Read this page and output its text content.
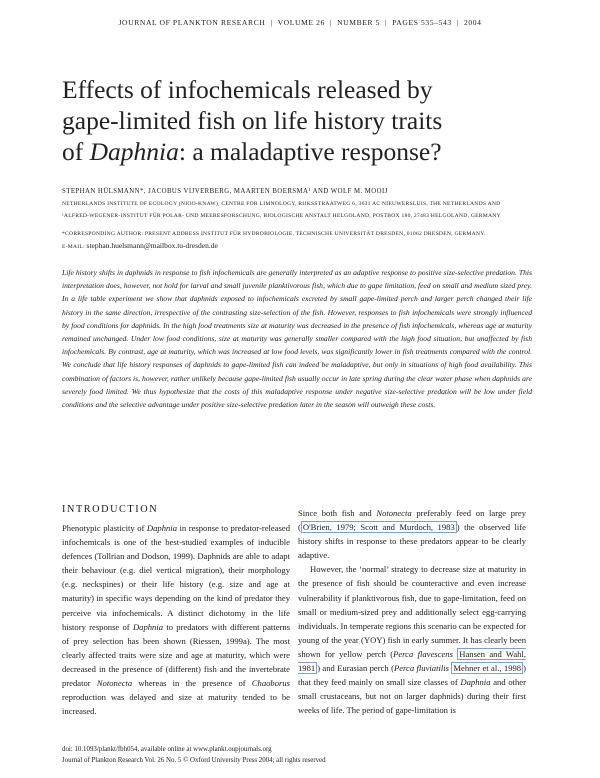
JOURNAL OF PLANKTON RESEARCH | VOLUME 26 | NUMBER 5 | PAGES 535–543 | 2004
Effects of infochemicals released by
gape-limited fish on life history traits
of Daphnia: a maladaptive response?
STEPHAN HÜLSMANN*, JACOBUS VIJVERBERG, MAARTEN BOERSMA¹ AND WOLF M. MOOIJ
NETHERLANDS INSTITUTE OF ECOLOGY (NIOO-KNAW), CENTRE FOR LIMNOLOGY, RIJKSSTRAATWEG 6, 3631 AC NIEUWERSLUIS, THE NETHERLANDS AND
¹ALFRED-WEGENER-INSTITUT FÜR POLAR- UND MEERESFORSCHUNG, BIOLOGISCHE ANSTALT HELGOLAND, POSTBOX 180, 27483 HELGOLAND, GERMANY
*CORRESPONDING AUTHOR: PRESENT ADDRESS INSTITUT FÜR HYDROBIOLOGIE, TECHNISCHE UNIVERSITÄT DRESDEN, 01062 DRESDEN, GERMANY.
E-MAIL: stephan.huelsmann@mailbox.tu-dresden.de

Life history shifts in daphnids in response to fish infochemicals are generally interpreted as an adaptive response to positive size-selective predation. This interpretation does, however, not hold for larval and small juvenile planktivorous fish, which due to gape limitation, feed on small and medium sized prey. In a life table experiment we show that daphnids exposed to infochemicals excreted by small gape-limited perch and larger perch changed their life history in the same direction, irrespective of the contrasting size-selection of the fish. However, responses to fish infochemicals were strongly influenced by food conditions for daphnids. In the high food treatments size at maturity was decreased in the presence of fish infochemicals, whereas age at maturity remained unchanged. Under low food conditions, size at maturity was generally smaller compared with the high food situation, but unaffected by fish infochemicals. By contrast, age at maturity, which was increased at low food levels, was significantly lower in fish treatments compared with the control. We conclude that life history responses of daphnids to gape-limited fish can indeed be maladaptive, but only in situations of high food availability. This combination of factors is, however, rather unlikely because gape-limited fish usually occur in late spring during the clear water phase when daphnids are severely food limited. We thus hypothesize that the costs of this maladaptive response under negative size-selective predation will be low under field conditions and the selective advantage under positive size-selective predation later in the season will outweigh these costs.

INTRODUCTION

Phenotypic plasticity of Daphnia in response to predator-released infochemicals is one of the best-studied examples of inducible defences (Tollrian and Dodson, 1999). Daphnids are able to adapt their behaviour (e.g. diel vertical migration), their morphology (e.g. neckspines) or their life history (e.g. size and age at maturity) in specific ways depending on the kind of predator they perceive via infochemicals. A distinct dichotomy in the life history response of Daphnia to predators with different patterns of prey selection has been shown (Riessen, 1999a). The most clearly affected traits were size and age at maturity, which were decreased in the presence of (different) fish and the invertebrate predator Notonecta whereas in the presence of Chaoborus reproduction was delayed and size at maturity tended to be increased.

Since both fish and Notonecta preferably feed on large prey ( O'Brien, 1979; Scott and Murdoch, 1983 ) the observed life history shifts in response to these predators appear to be clearly adaptive.

However, the ‘normal’ strategy to decrease size at maturity in the presence of fish should be counteractive and even increase vulnerability if planktivorous fish, due to gape-limitation, feed on small or medium-sized prey and additionally select egg-carrying individuals. In temperate regions this scenario can be expected for young of the year (YOY) fish in early summer. It has clearly been shown for yellow perch (Perca flavescens Hansen and Wahl, 1981 ) and Eurasian perch (Perca fluviatilis Mehner et al., 1998 ) that they feed mainly on small size classes of Daphnia and other small crustaceans, but not on larger daphnids) during their first weeks of life. The period of gape-limitation is

doi: 10.1093/plankt/fbh054, available online at www.plankt.oupjournals.org
Journal of Plankton Research Vol. 26 No. 5 © Oxford University Press 2004; all rights reserved
